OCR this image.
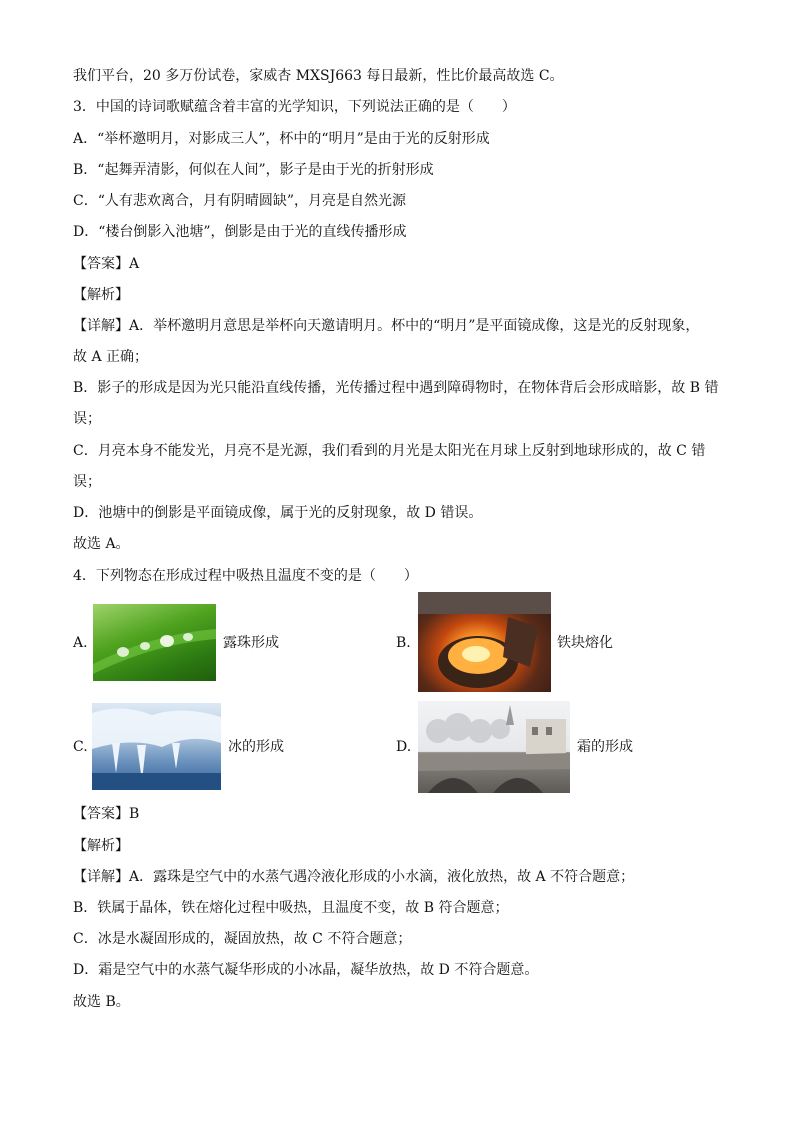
我们平台，20 多万份试卷，家威杏 MXSJ663 每日最新，性比价最高故选 C。
3．中国的诗词歌赋蕴含着丰富的光学知识，下列说法正确的是（　　）
A．“举杯邀明月，对影成三人”，杯中的“明月”是由于光的反射形成
B．“起舞弄清影，何似在人间”，影子是由于光的折射形成
C．“人有悲欢离合，月有阴晴圆缺”，月亮是自然光源
D．“楼台倒影入池塘”，倒影是由于光的直线传播形成
【答案】A
【解析】
【详解】A．举杯邀明月意思是举杯向天邀请明月。杯中的“明月”是平面镜成像，这是光的反射现象，
故 A 正确；
B．影子的形成是因为光只能沿直线传播，光传播过程中遇到障碍物时，在物体背后会形成暗影，故 B 错
误；
C．月亮本身不能发光，月亮不是光源，我们看到的月光是太阳光在月球上反射到地球形成的，故 C 错
误；
D．池塘中的倒影是平面镜成像，属于光的反射现象，故 D 错误。
故选 A。
4．下列物态在形成过程中吸热且温度不变的是（　　）
A.	露珠形成	B.	铁块熔化
C.	冰的形成	D.	霜的形成
【答案】B
【解析】
【详解】A．露珠是空气中的水蒸气遇冷液化形成的小水滴，液化放热，故 A 不符合题意；
B．铁属于晶体，铁在熔化过程中吸热，且温度不变，故 B 符合题意；
C．冰是水凝固形成的，凝固放热，故 C 不符合题意；
D．霜是空气中的水蒸气凝华形成的小冰晶，凝华放热，故 D 不符合题意。
故选 B。
